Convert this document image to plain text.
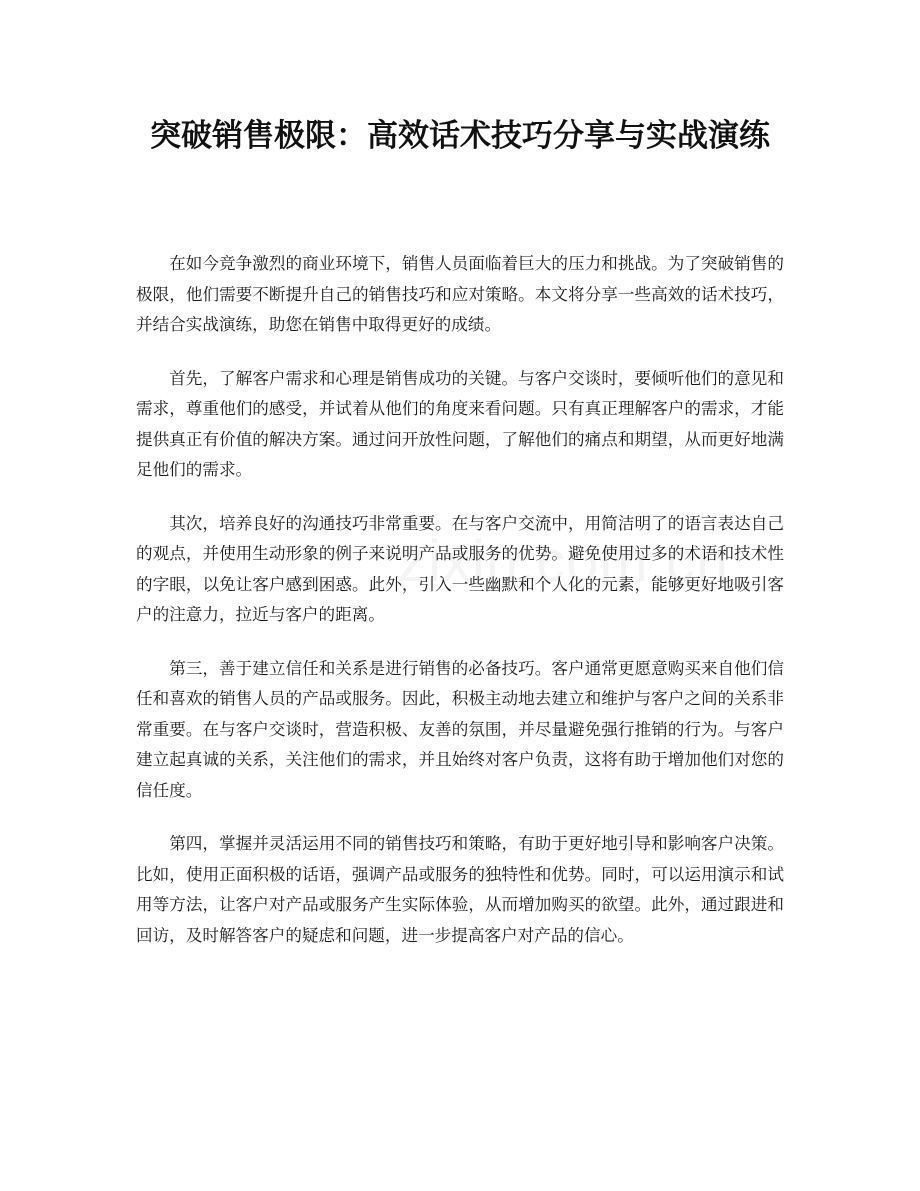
突破销售极限：高效话术技巧分享与实战演练

在如今竞争激烈的商业环境下，销售人员面临着巨大的压力和挑战。为了突破销售的极限，他们需要不断提升自己的销售技巧和应对策略。本文将分享一些高效的话术技巧，并结合实战演练，助您在销售中取得更好的成绩。

首先，了解客户需求和心理是销售成功的关键。与客户交谈时，要倾听他们的意见和需求，尊重他们的感受，并试着从他们的角度来看问题。只有真正理解客户的需求，才能提供真正有价值的解决方案。通过问开放性问题，了解他们的痛点和期望，从而更好地满足他们的需求。

其次，培养良好的沟通技巧非常重要。在与客户交流中，用简洁明了的语言表达自己的观点，并使用生动形象的例子来说明产品或服务的优势。避免使用过多的术语和技术性的字眼，以免让客户感到困惑。此外，引入一些幽默和个人化的元素，能够更好地吸引客户的注意力，拉近与客户的距离。

第三，善于建立信任和关系是进行销售的必备技巧。客户通常更愿意购买来自他们信任和喜欢的销售人员的产品或服务。因此，积极主动地去建立和维护与客户之间的关系非常重要。在与客户交谈时，营造积极、友善的氛围，并尽量避免强行推销的行为。与客户建立起真诚的关系，关注他们的需求，并且始终对客户负责，这将有助于增加他们对您的信任度。

第四，掌握并灵活运用不同的销售技巧和策略，有助于更好地引导和影响客户决策。比如，使用正面积极的话语，强调产品或服务的独特性和优势。同时，可以运用演示和试用等方法，让客户对产品或服务产生实际体验，从而增加购买的欲望。此外，通过跟进和回访，及时解答客户的疑虑和问题，进一步提高客户对产品的信心。
